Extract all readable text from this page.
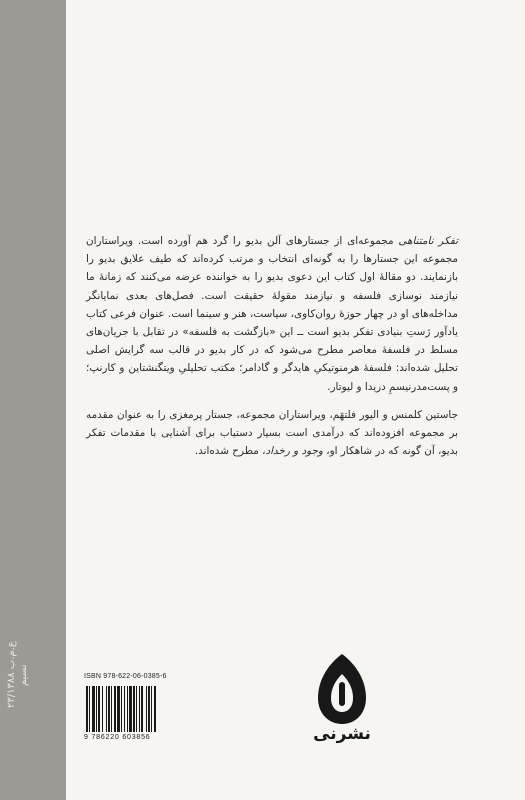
ع.م.ب ۲۳/۱۳۸۸ نسیم

تفکر نامتناهی مجموعه‌ای از جستارهای آلن بدیو را گرد هم آورده است. ویراستاران مجموعه این جستارها را به گونه‌ای انتخاب و مرتب کرده‌اند که طیف علایق بدیو را بازنمایند. دو مقالهٔ اول کتاب این دعوی بدیو را به خواننده عرضه می‌کنند که زمانهٔ ما نیازمند نوسازی فلسفه و نیازمند مقولهٔ حقیقت است. فصل‌های بعدی نمایانگر مداخله‌های او در چهار حوزهٔ روان‌کاوی، سیاست، هنر و سینما است. عنوان فرعی کتاب یادآور ژستِ بنیادی تفکر بدیو است ــ این «بازگشت به فلسفه» در تقابل با جریان‌های مسلط در فلسفهٔ معاصر مطرح می‌شود که در کار بدیو در قالب سه گرایش اصلی تحلیل شده‌اند: فلسفهٔ هرمنوتیکیِ هایدگر و گادامر؛ مکتب تحلیلیِ ویتگنشتاین و کارنپ؛ و پست‌مدرنیسمِ دریدا و لیوتار.

جاستین کلمنس و الیور فلتهَم، ویراستاران مجموعه، جستار پرمغزی را به عنوان مقدمه بر مجموعه افزوده‌اند که درآمدی است بسیار دستیاب برای آشنایی با مقدمات تفکر بدیو، آن گونه که در شاهکار او، وجود و رخداد، مطرح شده‌اند.

ISBN 978-622-06-0385-6
9 786220 603856	نشرنی
